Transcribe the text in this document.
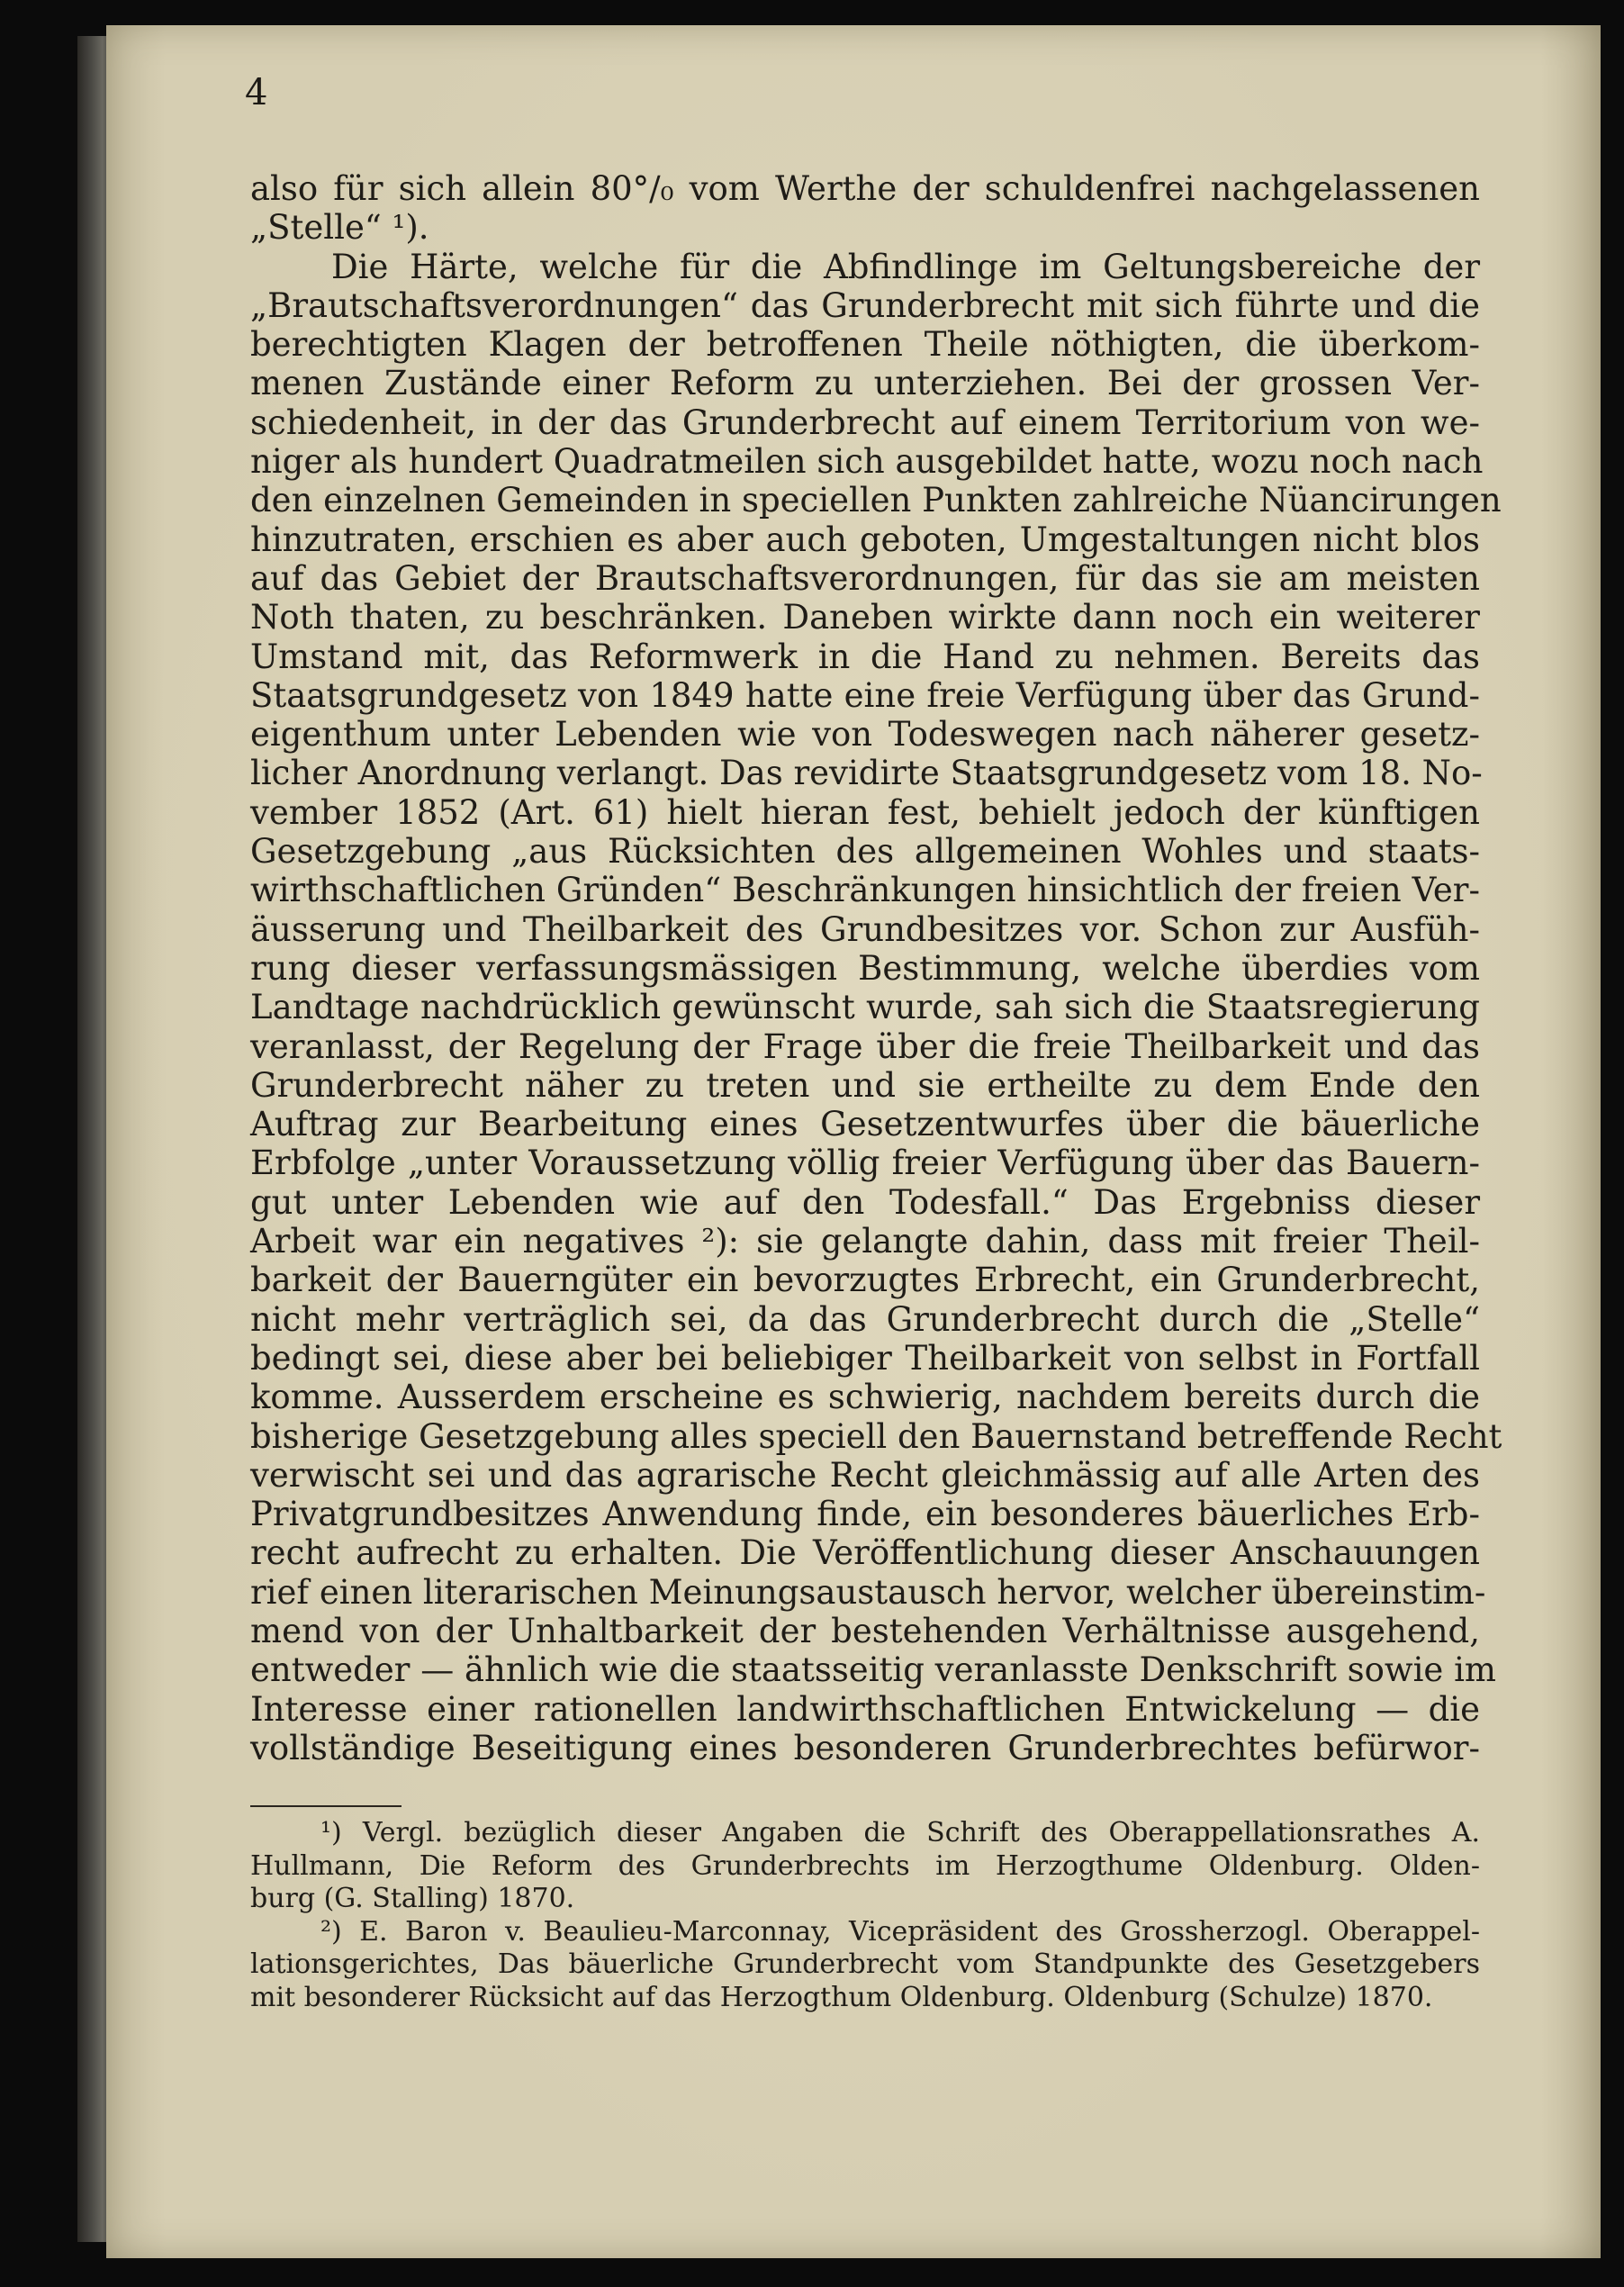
4
also für sich allein 80°/₀ vom Werthe der schuldenfrei nachgelassenen
„Stelle“ ¹).
Die Härte, welche für die Abfindlinge im Geltungsbereiche der
„Brautschaftsverordnungen“ das Grunderbrecht mit sich führte und die
berechtigten Klagen der betroffenen Theile nöthigten, die überkom-
menen Zustände einer Reform zu unterziehen. Bei der grossen Ver-
schiedenheit, in der das Grunderbrecht auf einem Territorium von we-
niger als hundert Quadratmeilen sich ausgebildet hatte, wozu noch nach
den einzelnen Gemeinden in speciellen Punkten zahlreiche Nüancirungen
hinzutraten, erschien es aber auch geboten, Umgestaltungen nicht blos
auf das Gebiet der Brautschaftsverordnungen, für das sie am meisten
Noth thaten, zu beschränken. Daneben wirkte dann noch ein weiterer
Umstand mit, das Reformwerk in die Hand zu nehmen. Bereits das
Staatsgrundgesetz von 1849 hatte eine freie Verfügung über das Grund-
eigenthum unter Lebenden wie von Todeswegen nach näherer gesetz-
licher Anordnung verlangt. Das revidirte Staatsgrundgesetz vom 18. No-
vember 1852 (Art. 61) hielt hieran fest, behielt jedoch der künftigen
Gesetzgebung „aus Rücksichten des allgemeinen Wohles und staats-
wirthschaftlichen Gründen“ Beschränkungen hinsichtlich der freien Ver-
äusserung und Theilbarkeit des Grundbesitzes vor. Schon zur Ausfüh-
rung dieser verfassungsmässigen Bestimmung, welche überdies vom
Landtage nachdrücklich gewünscht wurde, sah sich die Staatsregierung
veranlasst, der Regelung der Frage über die freie Theilbarkeit und das
Grunderbrecht näher zu treten und sie ertheilte zu dem Ende den
Auftrag zur Bearbeitung eines Gesetzentwurfes über die bäuerliche
Erbfolge „unter Voraussetzung völlig freier Verfügung über das Bauern-
gut unter Lebenden wie auf den Todesfall.“ Das Ergebniss dieser
Arbeit war ein negatives ²): sie gelangte dahin, dass mit freier Theil-
barkeit der Bauerngüter ein bevorzugtes Erbrecht, ein Grunderbrecht,
nicht mehr verträglich sei, da das Grunderbrecht durch die „Stelle“
bedingt sei, diese aber bei beliebiger Theilbarkeit von selbst in Fortfall
komme. Ausserdem erscheine es schwierig, nachdem bereits durch die
bisherige Gesetzgebung alles speciell den Bauernstand betreffende Recht
verwischt sei und das agrarische Recht gleichmässig auf alle Arten des
Privatgrundbesitzes Anwendung finde, ein besonderes bäuerliches Erb-
recht aufrecht zu erhalten. Die Veröffentlichung dieser Anschauungen
rief einen literarischen Meinungsaustausch hervor, welcher übereinstim-
mend von der Unhaltbarkeit der bestehenden Verhältnisse ausgehend,
entweder — ähnlich wie die staatsseitig veranlasste Denkschrift sowie im
Interesse einer rationellen landwirthschaftlichen Entwickelung — die
vollständige Beseitigung eines besonderen Grunderbrechtes befürwor-
¹) Vergl. bezüglich dieser Angaben die Schrift des Oberappellationsrathes A.
Hullmann, Die Reform des Grunderbrechts im Herzogthume Oldenburg. Olden-
burg (G. Stalling) 1870.
²) E. Baron v. Beaulieu-Marconnay, Vicepräsident des Grossherzogl. Oberappel-
lationsgerichtes, Das bäuerliche Grunderbrecht vom Standpunkte des Gesetzgebers
mit besonderer Rücksicht auf das Herzogthum Oldenburg. Oldenburg (Schulze) 1870.
